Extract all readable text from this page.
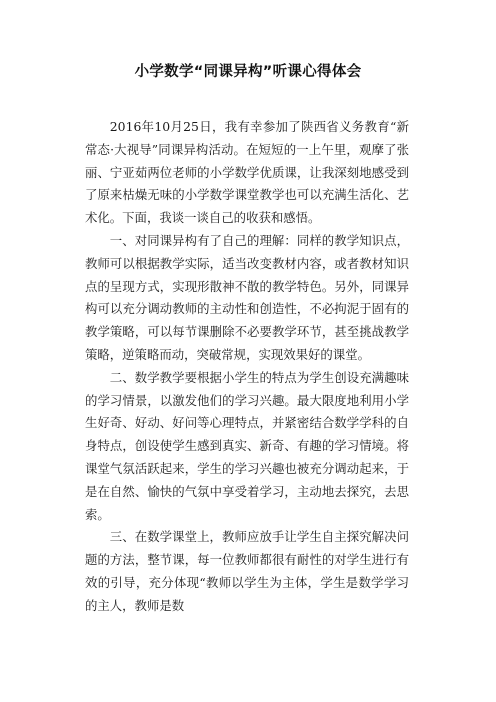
小学数学“同课异构”听课心得体会

2016年10月25日，我有幸参加了陕西省义务教育“新常态·大视导”同课异构活动。在短短的一上午里，观摩了张丽、宁亚茹两位老师的小学数学优质课，让我深刻地感受到了原来枯燥无味的小学数学课堂教学也可以充满生活化、艺术化。下面，我谈一谈自己的收获和感悟。

一、对同课异构有了自己的理解：同样的教学知识点，教师可以根据教学实际，适当改变教材内容，或者教材知识点的呈现方式，实现形散神不散的教学特色。另外，同课异构可以充分调动教师的主动性和创造性，不必拘泥于固有的教学策略，可以每节课删除不必要教学环节，甚至挑战教学策略，逆策略而动，突破常规，实现效果好的课堂。

二、数学教学要根据小学生的特点为学生创设充满趣味的学习情景，以激发他们的学习兴趣。最大限度地利用小学生好奇、好动、好问等心理特点，并紧密结合数学学科的自身特点，创设使学生感到真实、新奇、有趣的学习情境。将课堂气氛活跃起来，学生的学习兴趣也被充分调动起来，于是在自然、愉快的气氛中享受着学习，主动地去探究，去思索。

三、在数学课堂上，教师应放手让学生自主探究解决问题的方法，整节课，每一位教师都很有耐性的对学生进行有效的引导，充分体现“教师以学生为主体，学生是数学学习的主人，教师是数
